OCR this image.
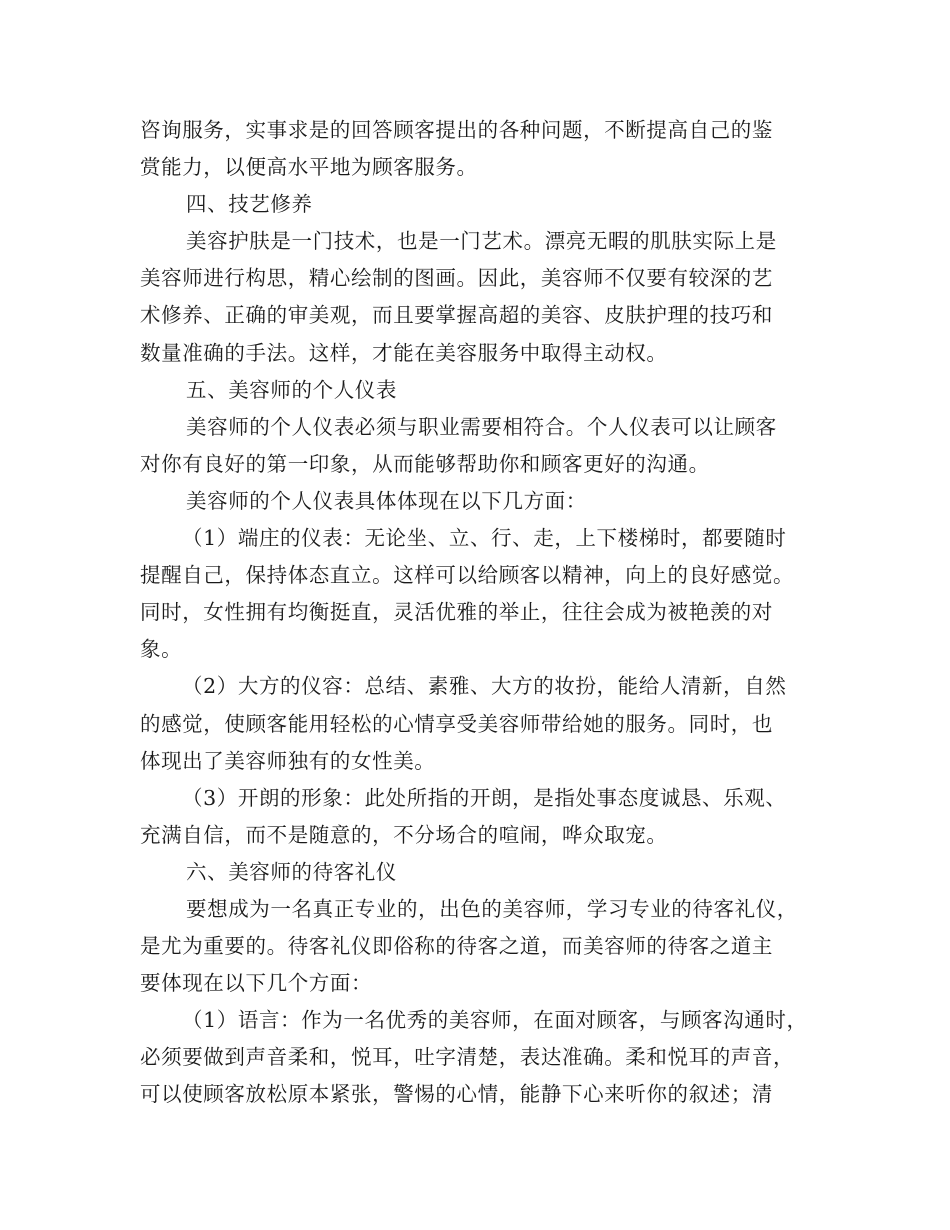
咨询服务，实事求是的回答顾客提出的各种问题，不断提高自己的鉴
赏能力，以便高水平地为顾客服务。
四、技艺修养
美容护肤是一门技术，也是一门艺术。漂亮无暇的肌肤实际上是
美容师进行构思，精心绘制的图画。因此，美容师不仅要有较深的艺
术修养、正确的审美观，而且要掌握高超的美容、皮肤护理的技巧和
数量准确的手法。这样，才能在美容服务中取得主动权。
五、美容师的个人仪表
美容师的个人仪表必须与职业需要相符合。个人仪表可以让顾客
对你有良好的第一印象，从而能够帮助你和顾客更好的沟通。
美容师的个人仪表具体体现在以下几方面：
（1）端庄的仪表：无论坐、立、行、走，上下楼梯时，都要随时
提醒自己，保持体态直立。这样可以给顾客以精神，向上的良好感觉。
同时，女性拥有均衡挺直，灵活优雅的举止，往往会成为被艳羡的对
象。
（2）大方的仪容：总结、素雅、大方的妆扮，能给人清新，自然
的感觉，使顾客能用轻松的心情享受美容师带给她的服务。同时，也
体现出了美容师独有的女性美。
（3）开朗的形象：此处所指的开朗，是指处事态度诚恳、乐观、
充满自信，而不是随意的，不分场合的喧闹，哗众取宠。
六、美容师的待客礼仪
要想成为一名真正专业的，出色的美容师，学习专业的待客礼仪，
是尤为重要的。待客礼仪即俗称的待客之道，而美容师的待客之道主
要体现在以下几个方面：
（1）语言：作为一名优秀的美容师，在面对顾客，与顾客沟通时，
必须要做到声音柔和，悦耳，吐字清楚，表达准确。柔和悦耳的声音，
可以使顾客放松原本紧张，警惕的心情，能静下心来听你的叙述；清
